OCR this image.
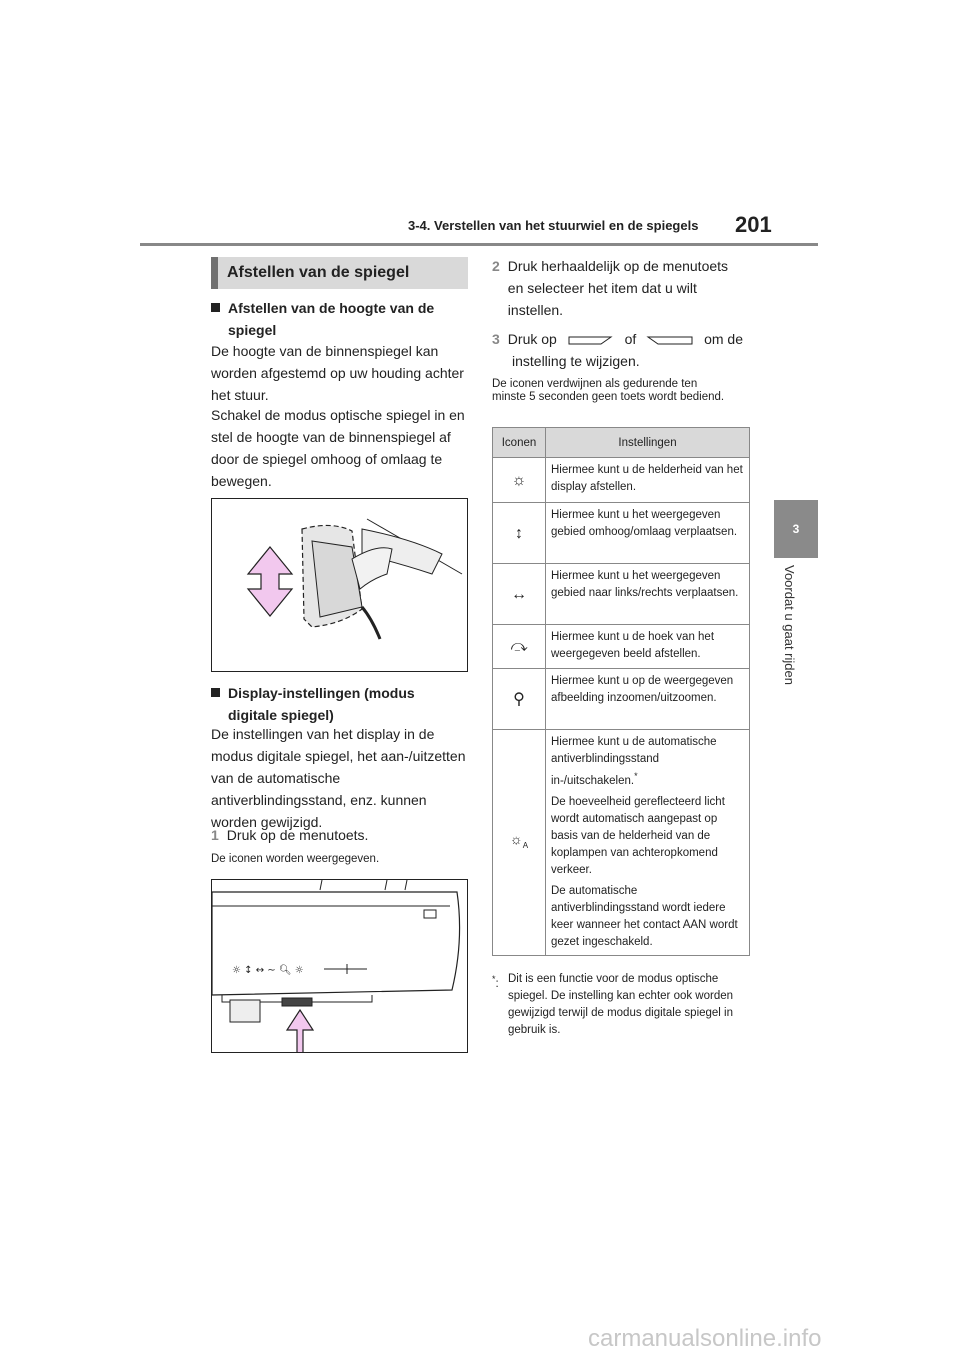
3-4. Verstellen van het stuurwiel en de spiegels 201
3
Voordat u gaat rijden
Afstellen van de spiegel
Afstellen van de hoogte van de spiegel
De hoogte van de binnenspiegel kan worden afgestemd op uw houding achter het stuur.
Schakel de modus optische spiegel in en stel de hoogte van de binnenspiegel af door de spiegel omhoog of omlaag te bewegen.
Display-instellingen (modus digitale spiegel)
De instellingen van het display in de modus digitale spiegel, het aan-/uitzetten van de automatische antiverblindingsstand, enz. kunnen worden gewijzigd.
1 Druk op de menutoets.
De iconen worden weergegeven.
☼ ↕ ↔ ∼ 🔍︎ ☼
2 Druk herhaaldelijk op de menutoets en selecteer het item dat u wilt instellen.
3 Druk op	of	om de
instelling te wijzigen.
De iconen verdwijnen als gedurende ten minste 5 seconden geen toets wordt bediend.
Iconen	Instellingen
☼	Hiermee kunt u de helderheid van het display afstellen.
↕	Hiermee kunt u het weergegeven gebied omhoog/omlaag verplaatsen.
↔	Hiermee kunt u het weergegeven gebied naar links/rechts verplaatsen.
⤼	Hiermee kunt u de hoek van het weergegeven beeld afstellen.
⚲	Hiermee kunt u op de weergegeven afbeelding inzoomen/uitzoomen.
$☼_A$	Hiermee kunt u de automatische antiverblindingsstand in-/uitschakelen.*

De hoeveelheid gereflecteerd licht wordt automatisch aangepast op basis van de helderheid van de koplampen van achteropkomend verkeer.

De automatische antiverblindingsstand wordt iedere keer wanneer het contact AAN wordt gezet ingeschakeld.

*: Dit is een functie voor de modus optische spiegel. De instelling kan echter ook worden gewijzigd terwijl de modus digitale spiegel in gebruik is.
carmanualsonline.info
